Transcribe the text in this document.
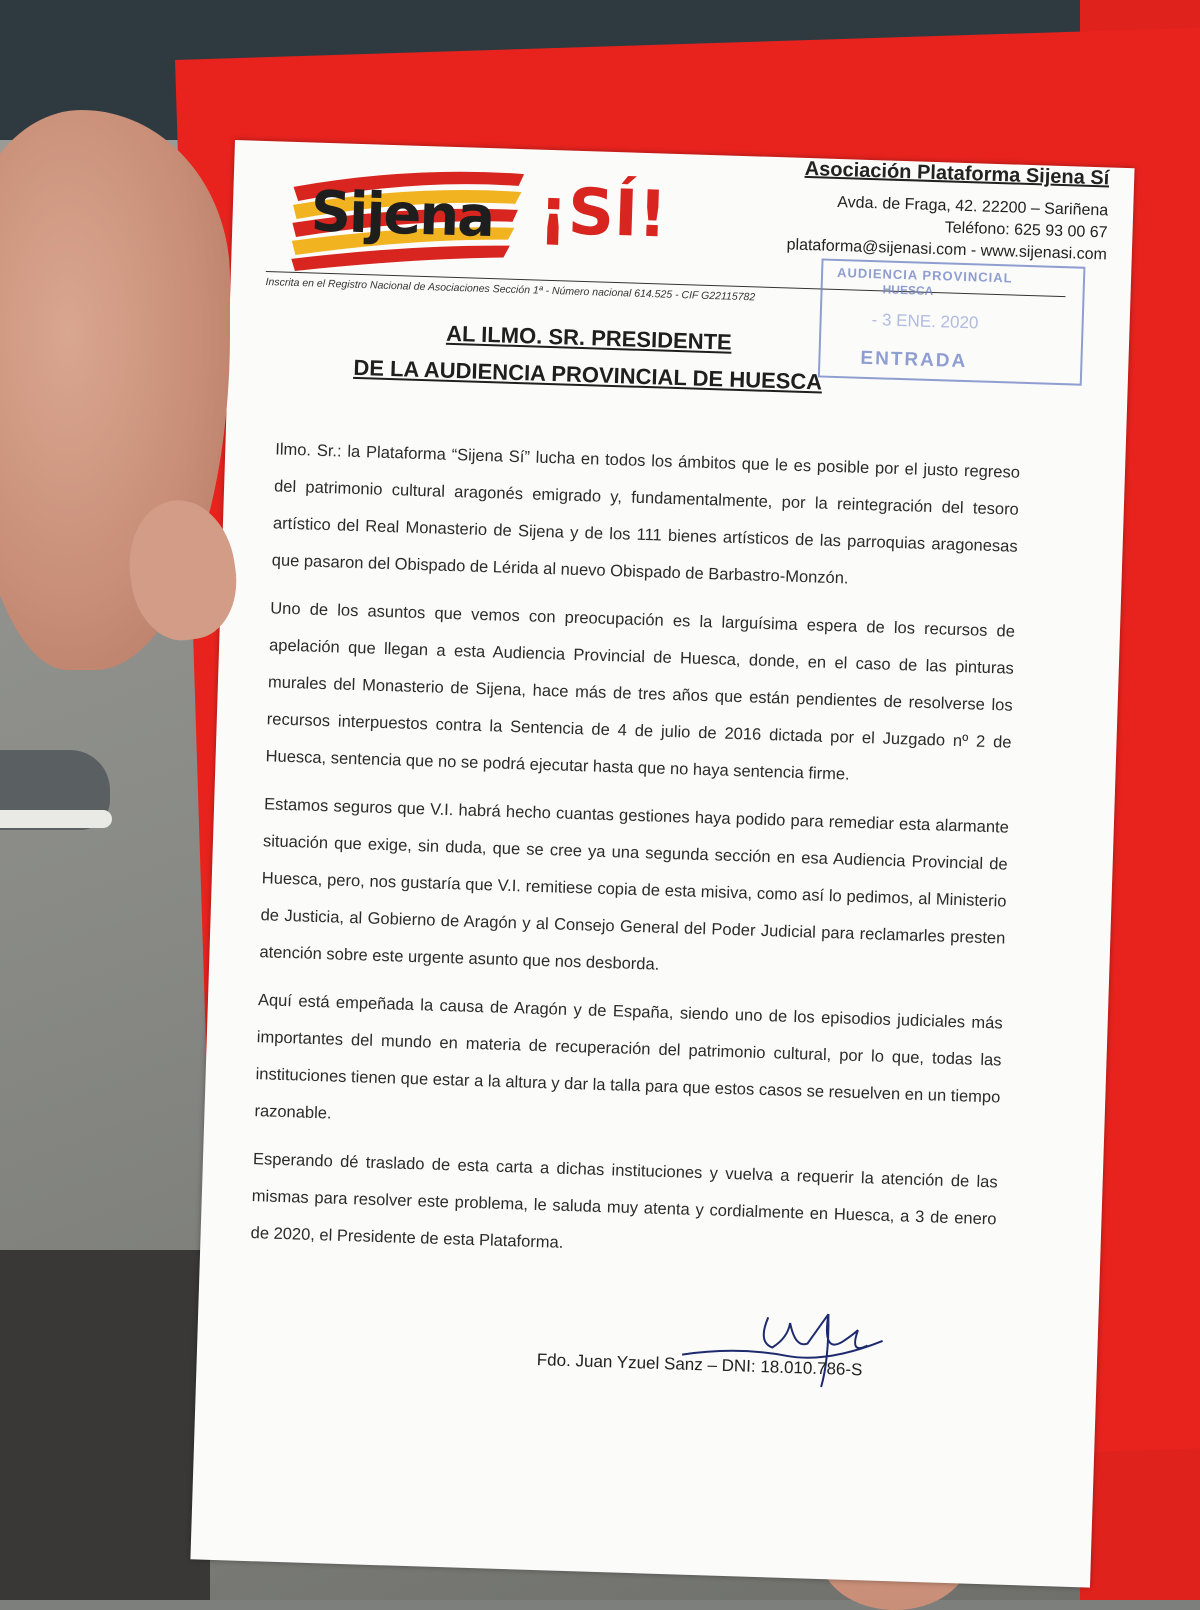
Sijena ¡SÍ!
Asociación Plataforma Sijena Sí
Avda. de Fraga, 42. 22200 – Sariñena
Teléfono: 625 93 00 67
plataforma@sijenasi.com - www.sijenasi.com
Inscrita en el Registro Nacional de Asociaciones Sección 1ª - Número nacional 614.525 - CIF G22115782
AUDIENCIA PROVINCIAL
HUESCA
- 3 ENE. 2020
ENTRADA
AL ILMO. SR. PRESIDENTE
DE LA AUDIENCIA PROVINCIAL DE HUESCA

Ilmo. Sr.: la Plataforma “Sijena Sí” lucha en todos los ámbitos que le es posible por el justo regreso del patrimonio cultural aragonés emigrado y, fundamentalmente, por la reintegración del tesoro artístico del Real Monasterio de Sijena y de los 111 bienes artísticos de las parroquias aragonesas que pasaron del Obispado de Lérida al nuevo Obispado de Barbastro-Monzón.

Uno de los asuntos que vemos con preocupación es la larguísima espera de los recursos de apelación que llegan a esta Audiencia Provincial de Huesca, donde, en el caso de las pinturas murales del Monasterio de Sijena, hace más de tres años que están pendientes de resolverse los recursos interpuestos contra la Sentencia de 4 de julio de 2016 dictada por el Juzgado nº 2 de Huesca, sentencia que no se podrá ejecutar hasta que no haya sentencia firme.

Estamos seguros que V.I. habrá hecho cuantas gestiones haya podido para remediar esta alarmante situación que exige, sin duda, que se cree ya una segunda sección en esa Audiencia Provincial de Huesca, pero, nos gustaría que V.I. remitiese copia de esta misiva, como así lo pedimos, al Ministerio de Justicia, al Gobierno de Aragón y al Consejo General del Poder Judicial para reclamarles presten atención sobre este urgente asunto que nos desborda.

Aquí está empeñada la causa de Aragón y de España, siendo uno de los episodios judiciales más importantes del mundo en materia de recuperación del patrimonio cultural, por lo que, todas las instituciones tienen que estar a la altura y dar la talla para que estos casos se resuelven en un tiempo razonable.

Esperando dé traslado de esta carta a dichas instituciones y vuelva a requerir la atención de las mismas para resolver este problema, le saluda muy atenta y cordialmente en Huesca, a 3 de enero de 2020, el Presidente de esta Plataforma.

Fdo. Juan Yzuel Sanz – DNI: 18.010.786-S
